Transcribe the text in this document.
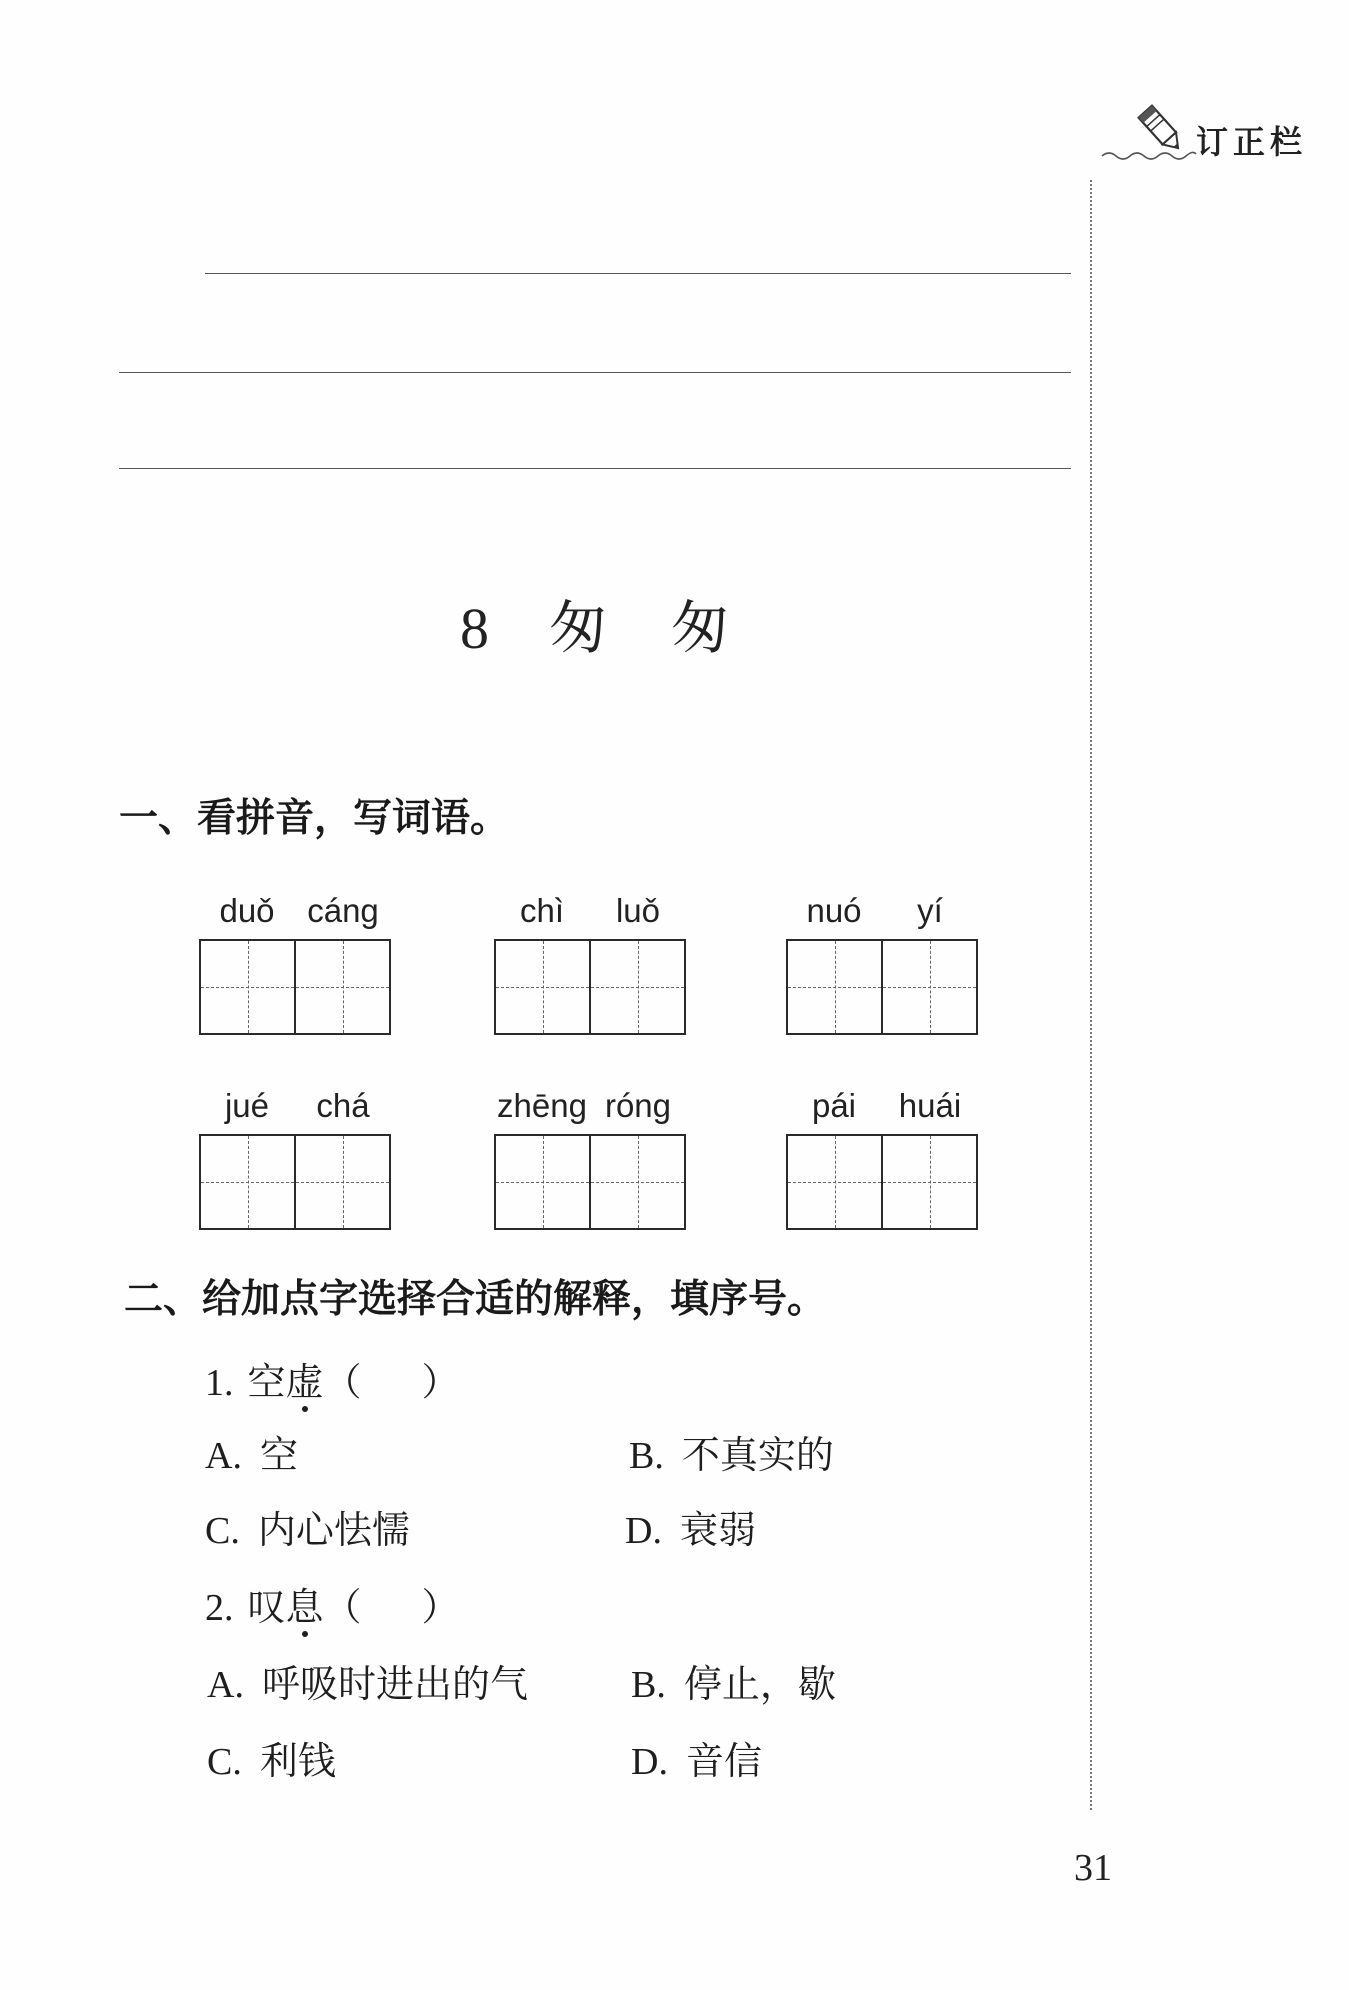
订正栏
8 匆匆
一、看拼音，写词语。
duǒ cáng	chì	luǒ	nuó	yí
jué	chá	zhēng róng	pái	huái
二、给加点字选择合适的解释，填序号。
1. 空虚（ ）
A. 空	B. 不真实的
C. 内心怯懦	D. 衰弱
2. 叹息（ ）
A. 呼吸时进出的气	B. 停止，歇
C. 利钱	D. 音信
31
